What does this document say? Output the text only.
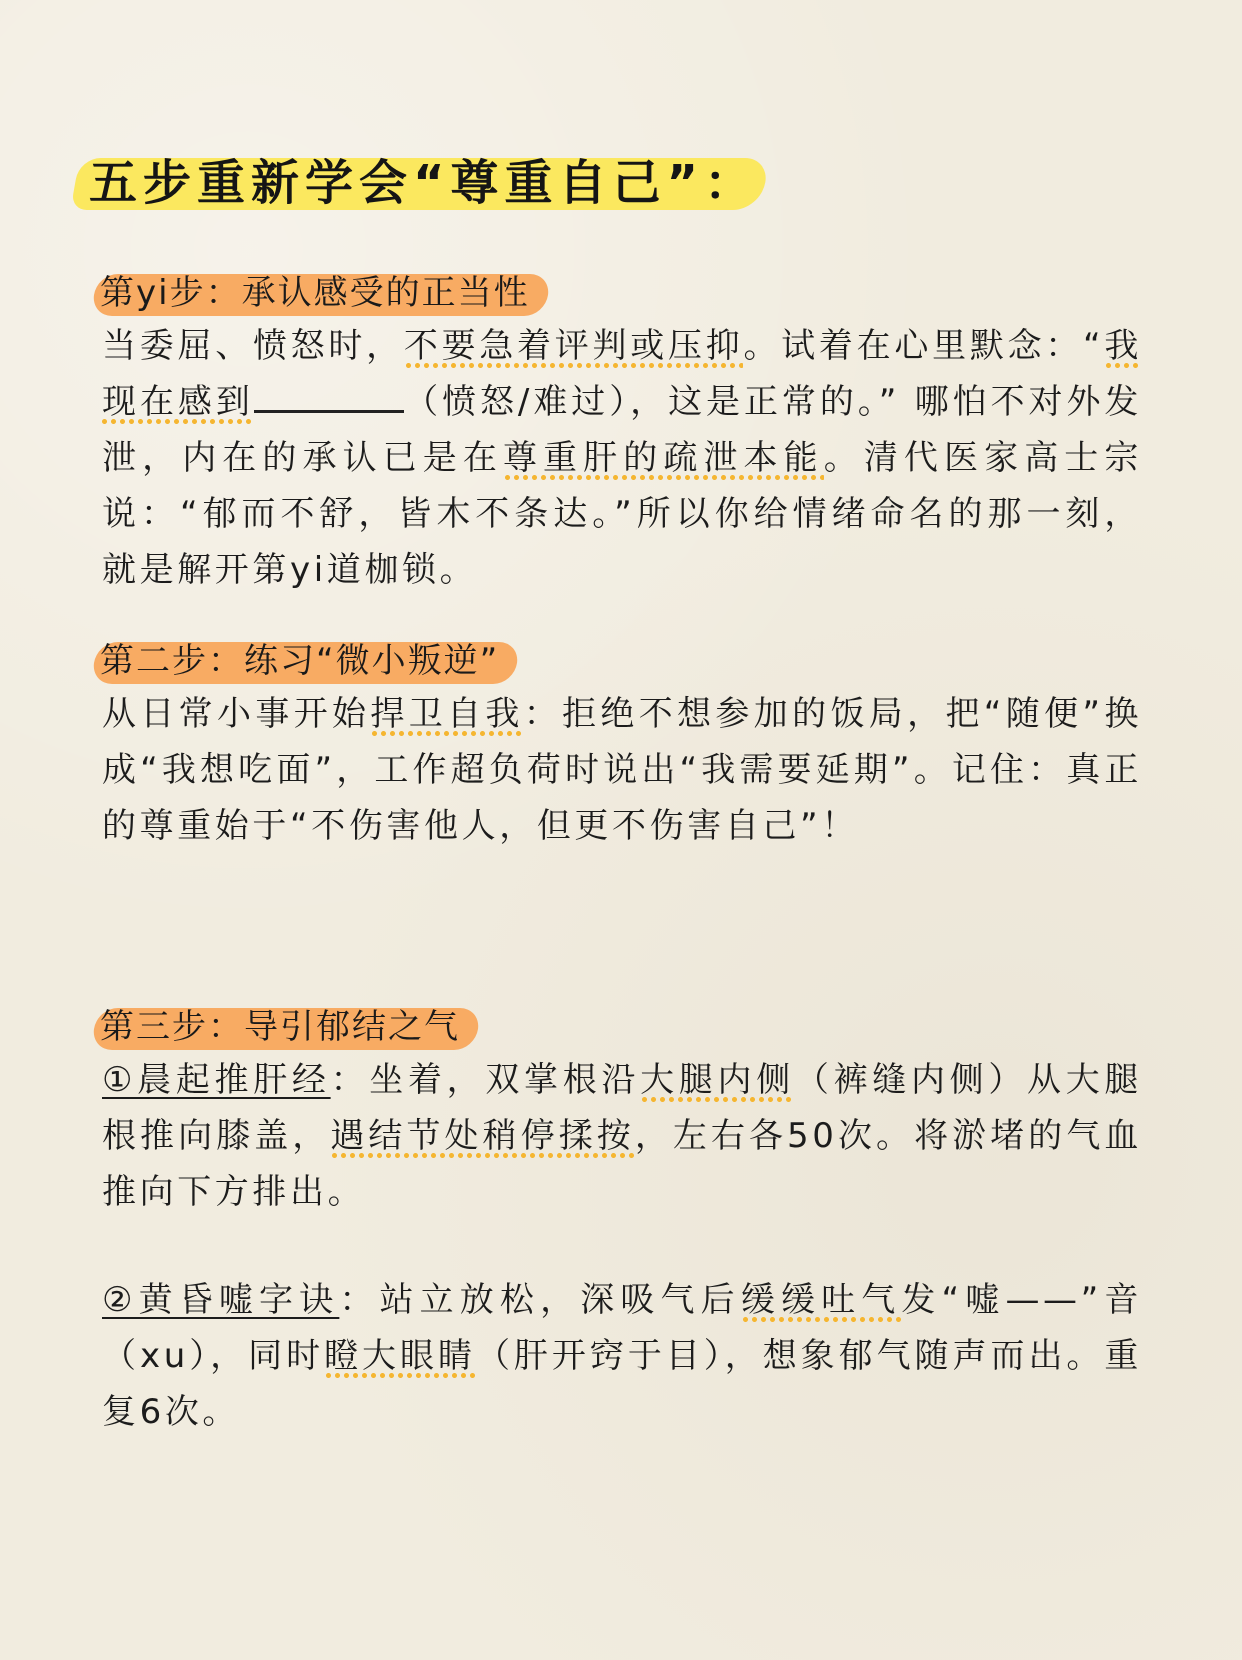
五步重新学会“尊重自己”：
第yi步：承认感受的正当性

当委屈、愤怒时，不要急着评判或压抑。试着在心里默念：“我现在感到	（愤怒/难过），这是正常的。” 哪怕不对外发泄，内在的承认已是在尊重肝的疏泄本能。清代医家高士宗说：“郁而不舒，皆木不条达。”所以你给情绪命名的那一刻，就是解开第yi道枷锁。

第二步：练习“微小叛逆”

从日常小事开始捍卫自我：拒绝不想参加的饭局，把“随便”换成“我想吃面”，工作超负荷时说出“我需要延期”。记住：真正的尊重始于“不伤害他人，但更不伤害自己”！

第三步：导引郁结之气

①晨起推肝经：坐着，双掌根沿大腿内侧（裤缝内侧）从大腿根推向膝盖，遇结节处稍停揉按，左右各50次。将淤堵的气血推向下方排出。

②黄昏嘘字诀：站立放松，深吸气后缓缓吐气发“嘘——”音（xu），同时瞪大眼睛（肝开窍于目），想象郁气随声而出。重复6次。
